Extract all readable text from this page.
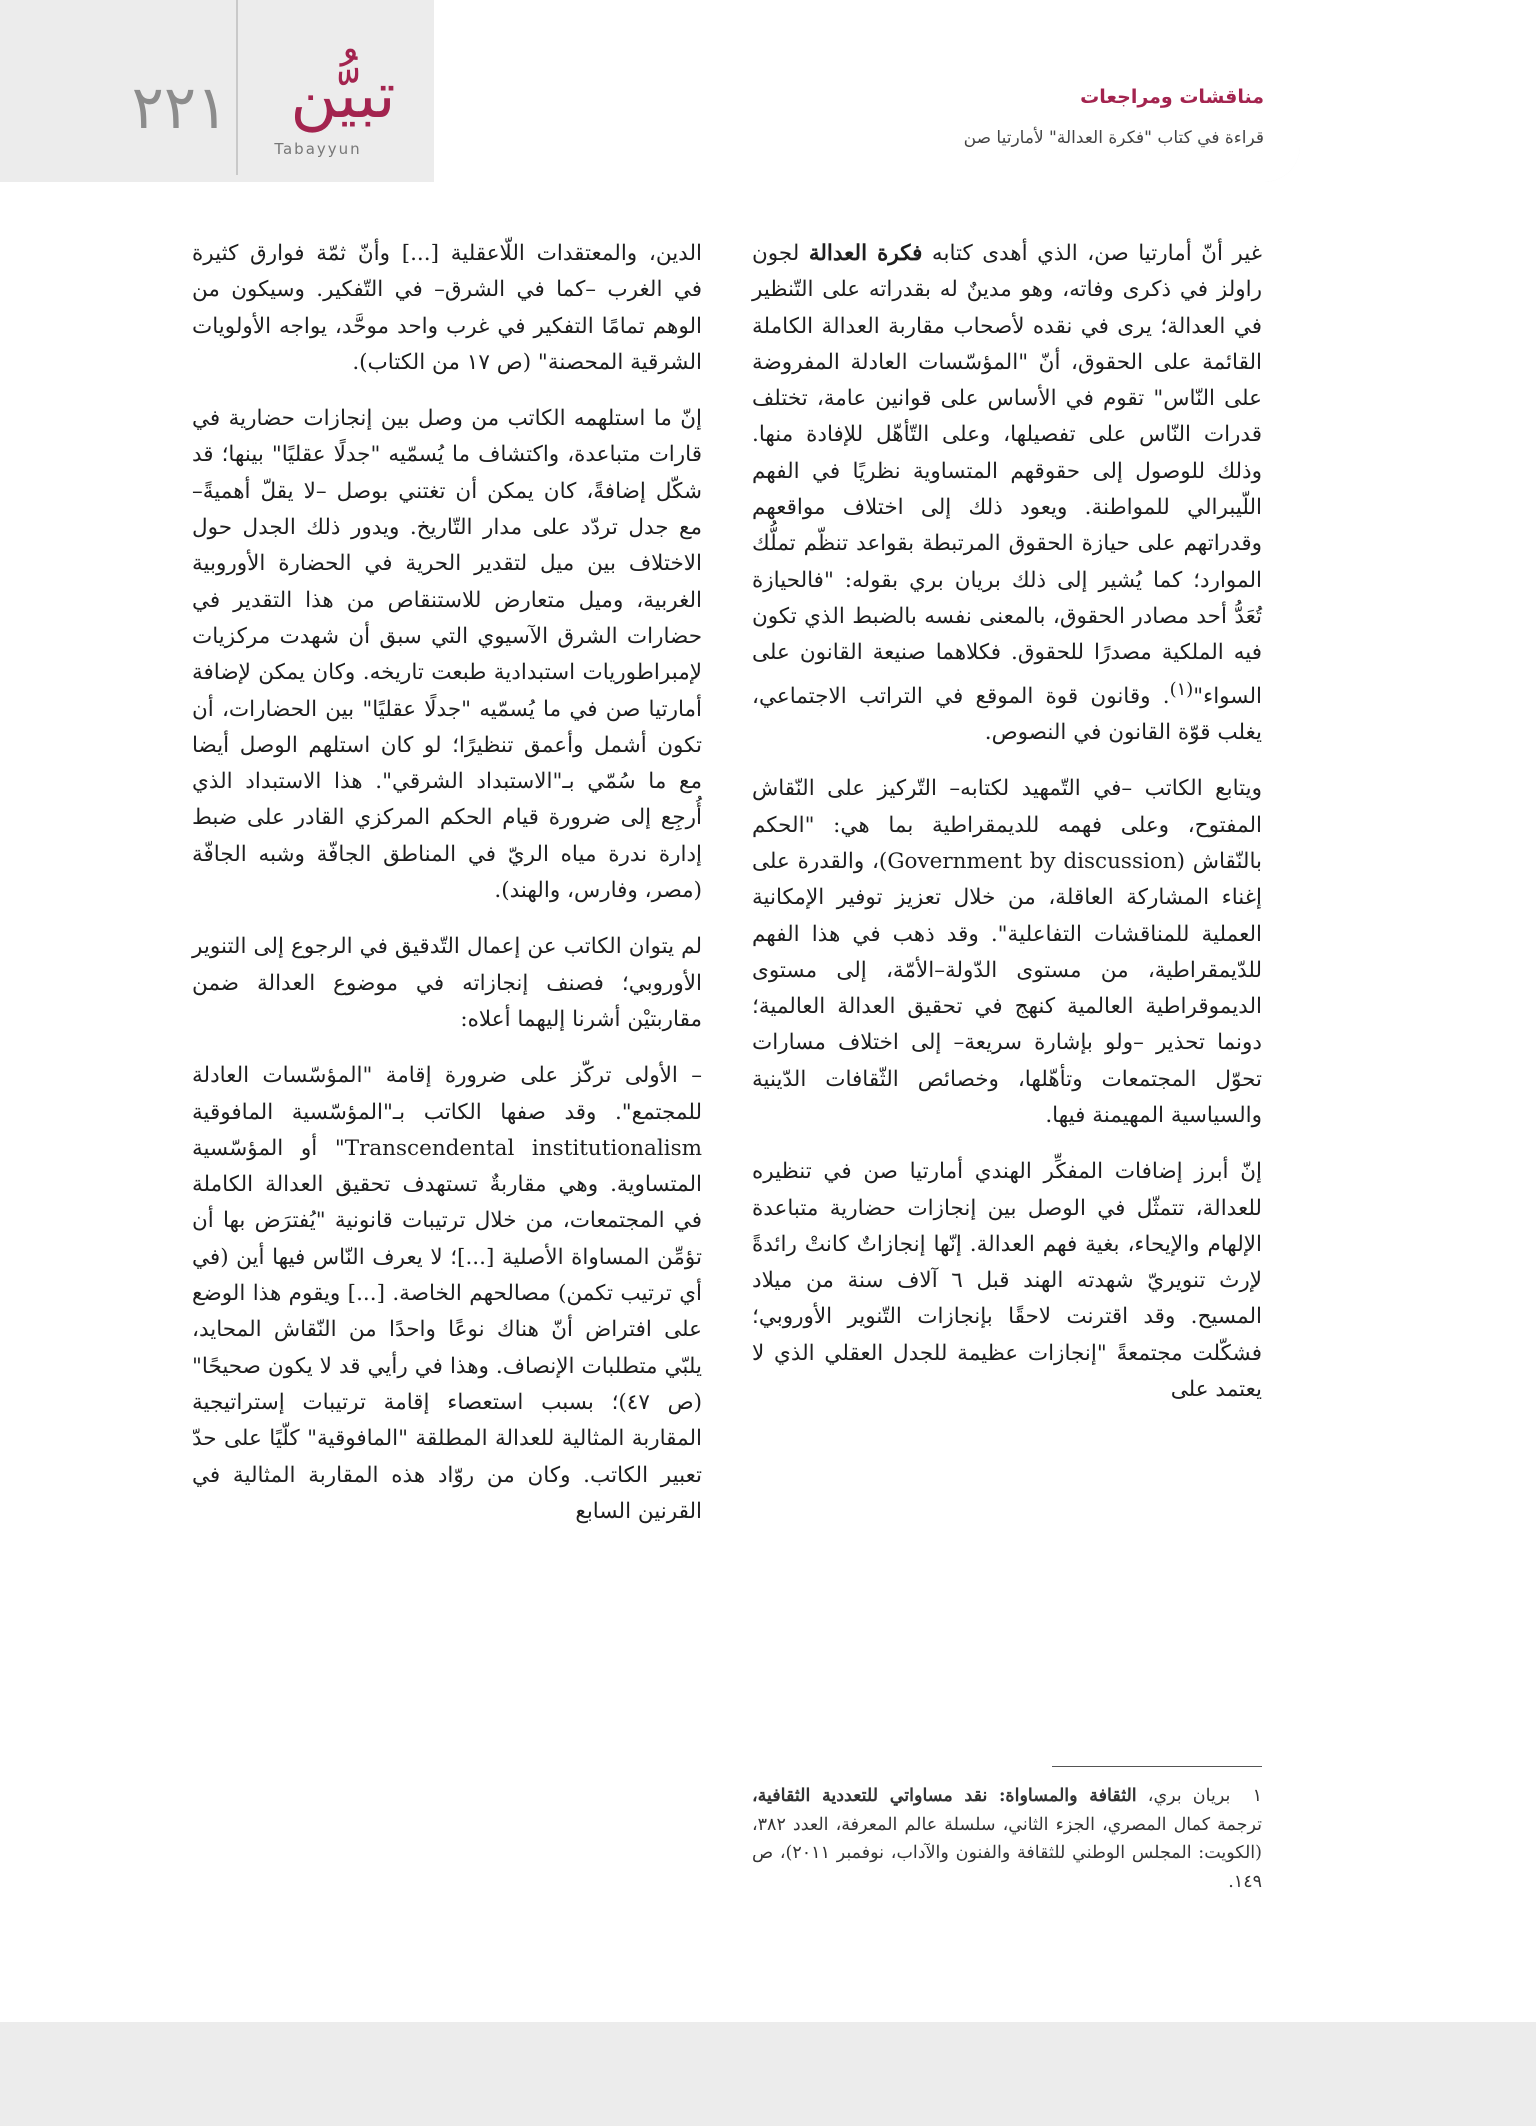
٢٢١ تبيُّن
Tabayyun
مناقشات ومراجعات
قراءة في كتاب "فكرة العدالة" لأمارتيا صن

غير أنّ أمارتيا صن، الذي أهدى كتابه فكرة العدالة لجون راولز في ذكرى وفاته، وهو مدينٌ له بقدراته على التّنظير في العدالة؛ يرى في نقده لأصحاب مقاربة العدالة الكاملة القائمة على الحقوق، أنّ "المؤسّسات العادلة المفروضة على النّاس" تقوم في الأساس على قوانين عامة، تختلف قدرات النّاس على تفصيلها، وعلى التّأهّل للإفادة منها. وذلك للوصول إلى حقوقهم المتساوية نظريًا في الفهم اللّيبرالي للمواطنة. ويعود ذلك إلى اختلاف مواقعهم وقدراتهم على حيازة الحقوق المرتبطة بقواعد تنظّم تملُّك الموارد؛ كما يُشير إلى ذلك بريان بري بقوله: "فالحيازة تُعَدُّ أحد مصادر الحقوق، بالمعنى نفسه بالضبط الذي تكون فيه الملكية مصدرًا للحقوق. فكلاهما صنيعة القانون على السواء"$^{(١)}$. وقانون قوة الموقع في التراتب الاجتماعي، يغلب قوّة القانون في النصوص.

ويتابع الكاتب –في التّمهيد لكتابه– التّركيز على النّقاش المفتوح، وعلى فهمه للديمقراطية بما هي: "الحكم بالنّقاش (Government by discussion)، والقدرة على إغناء المشاركة العاقلة، من خلال تعزيز توفير الإمكانية العملية للمناقشات التفاعلية". وقد ذهب في هذا الفهم للدّيمقراطية، من مستوى الدّولة–الأمّة، إلى مستوى الديموقراطية العالمية كنهج في تحقيق العدالة العالمية؛ دونما تحذير –ولو بإشارة سريعة– إلى اختلاف مسارات تحوّل المجتمعات وتأهّلها، وخصائص الثّقافات الدّينية والسياسية المهيمنة فيها.

إنّ أبرز إضافات المفكِّر الهندي أمارتيا صن في تنظيره للعدالة، تتمثّل في الوصل بين إنجازات حضارية متباعدة الإلهام والإيحاء، بغية فهم العدالة. إنّها إنجازاتٌ كانتْ رائدةً لإرث تنويريّ شهدته الهند قبل ٦ آلاف سنة من ميلاد المسيح. وقد اقترنت لاحقًا بإنجازات التّنوير الأوروبي؛ فشكّلت مجتمعةً "إنجازات عظيمة للجدل العقلي الذي لا يعتمد على

١  بريان بري، الثقافة والمساواة: نقد مساواتي للتعددية الثقافية، ترجمة كمال المصري، الجزء الثاني، سلسلة عالم المعرفة، العدد ٣٨٢، (الكويت: المجلس الوطني للثقافة والفنون والآداب، نوفمبر ٢٠١١)، ص ١٤٩.

الدين، والمعتقدات اللّاعقلية [...] وأنّ ثمّة فوارق كثيرة في الغرب –كما في الشرق– في التّفكير. وسيكون من الوهم تمامًا التفكير في غرب واحد موحَّد، يواجه الأولويات الشرقية المحصنة" (ص ١٧ من الكتاب).

إنّ ما استلهمه الكاتب من وصل بين إنجازات حضارية في قارات متباعدة، واكتشاف ما يُسمّيه "جدلًا عقليًا" بينها؛ قد شكّل إضافةً، كان يمكن أن تغتني بوصل –لا يقلّ أهميةً– مع جدل تردّد على مدار التّاريخ. ويدور ذلك الجدل حول الاختلاف بين ميل لتقدير الحرية في الحضارة الأوروبية الغربية، وميل متعارض للاستنقاص من هذا التقدير في حضارات الشرق الآسيوي التي سبق أن شهدت مركزيات لإمبراطوريات استبدادية طبعت تاريخه. وكان يمكن لإضافة أمارتيا صن في ما يُسمّيه "جدلًا عقليًا" بين الحضارات، أن تكون أشمل وأعمق تنظيرًا؛ لو كان استلهم الوصل أيضا مع ما سُمّي بـ"الاستبداد الشرقي". هذا الاستبداد الذي أُرجِع إلى ضرورة قيام الحكم المركزي القادر على ضبط إدارة ندرة مياه الريّ في المناطق الجافّة وشبه الجافّة (مصر، وفارس، والهند).

لم يتوان الكاتب عن إعمال التّدقيق في الرجوع إلى التنوير الأوروبي؛ فصنف إنجازاته في موضوع العدالة ضمن مقاربتيْن أشرنا إليهما أعلاه:

– الأولى تركّز على ضرورة إقامة "المؤسّسات العادلة للمجتمع". وقد صفها الكاتب بـ"المؤسّسية المافوقية Transcendental institutionalism" أو المؤسّسية المتساوية. وهي مقاربةٌ تستهدف تحقيق العدالة الكاملة في المجتمعات، من خلال ترتيبات قانونية "يُفترَض بها أن تؤمِّن المساواة الأصلية [...]؛ لا يعرف النّاس فيها أين (في أي ترتيب تكمن) مصالحهم الخاصة. [...] ويقوم هذا الوضع على افتراض أنّ هناك نوعًا واحدًا من النّقاش المحايد، يلبّي متطلبات الإنصاف. وهذا في رأيي قد لا يكون صحيحًا" (ص ٤٧)؛ بسبب استعصاء إقامة ترتيبات إستراتيجية المقاربة المثالية للعدالة المطلقة "المافوقية" كلّيًا على حدّ تعبير الكاتب. وكان من روّاد هذه المقاربة المثالية في القرنين السابع
